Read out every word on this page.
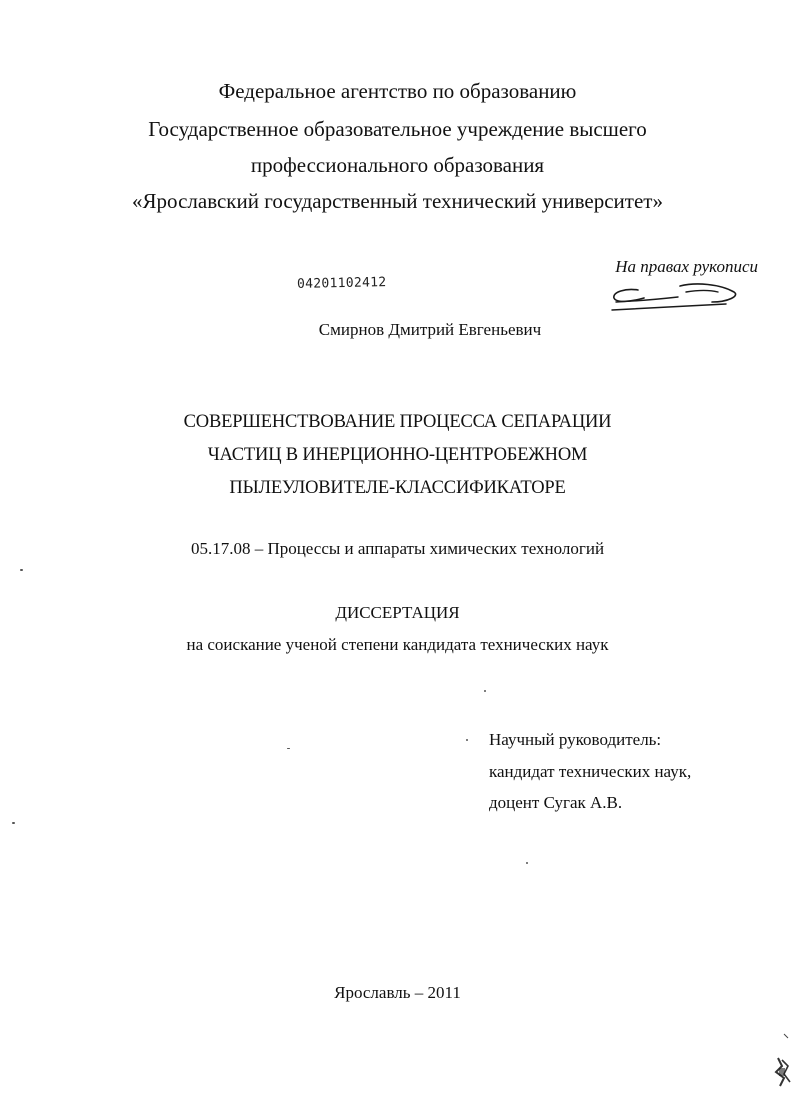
Федеральное агентство по образованию
Государственное образовательное учреждение высшего
профессионального образования
«Ярославский государственный технический университет»
На правах рукописи
04201102412
Смирнов Дмитрий Евгеньевич
СОВЕРШЕНСТВОВАНИЕ ПРОЦЕССА СЕПАРАЦИИ
ЧАСТИЦ В ИНЕРЦИОННО-ЦЕНТРОБЕЖНОМ
ПЫЛЕУЛОВИТЕЛЕ-КЛАССИФИКАТОРЕ
05.17.08 – Процессы и аппараты химических технологий
ДИССЕРТАЦИЯ
на соискание ученой степени кандидата технических наук
Научный руководитель:
кандидат технических наук,
доцент Сугак А.В.
Ярославль – 2011
